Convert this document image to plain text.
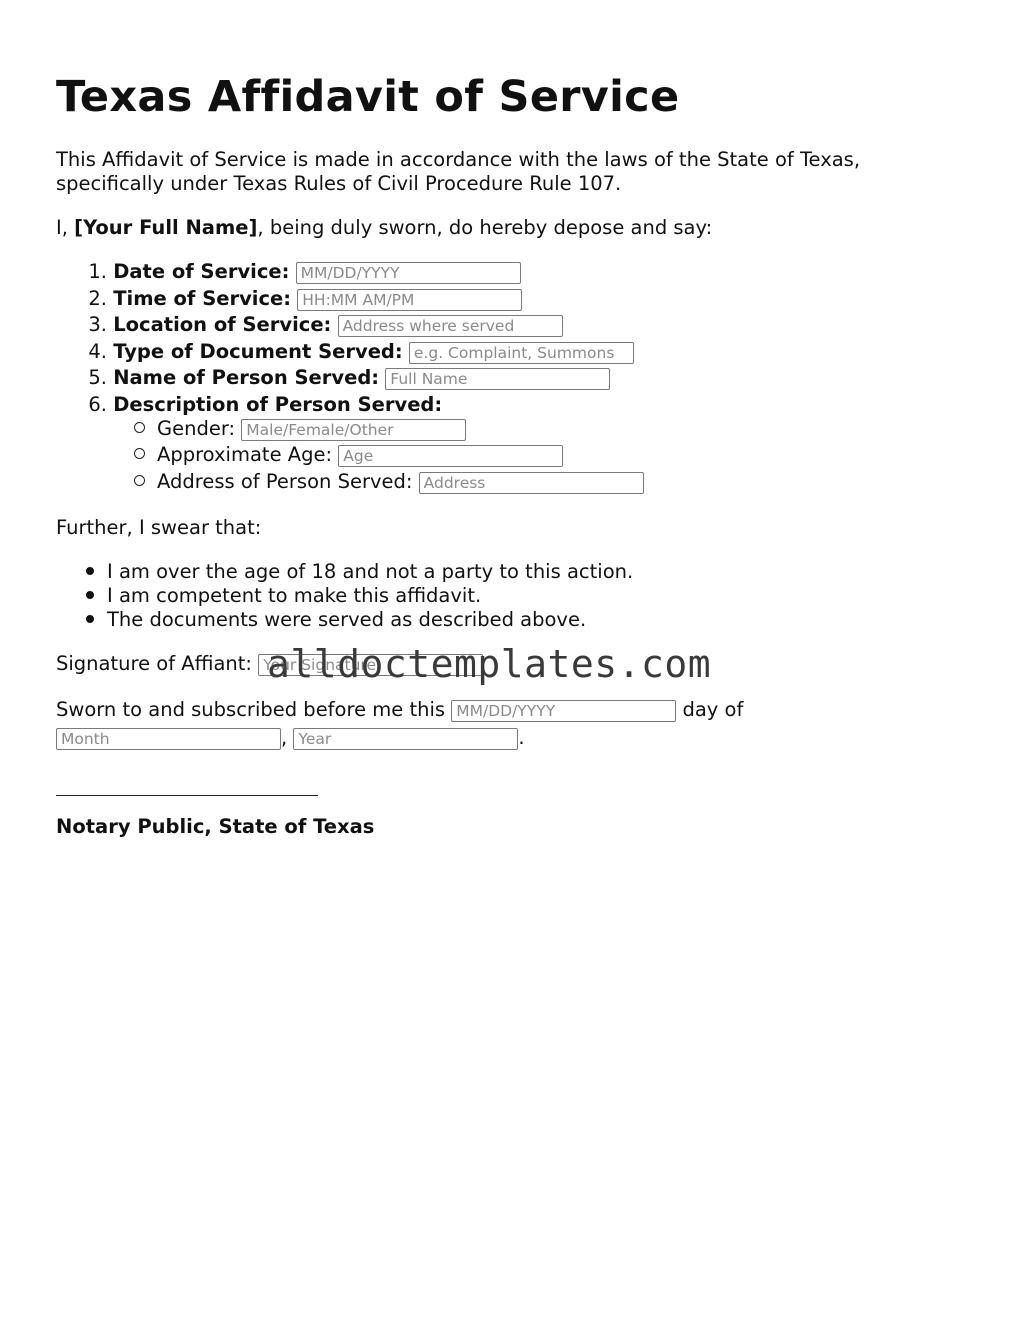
Texas Affidavit of Service

This Affidavit of Service is made in accordance with the laws of the State of Texas, specifically under Texas Rules of Civil Procedure Rule 107.

I, [Your Full Name], being duly sworn, do hereby depose and say:

1. Date of Service: MM/DD/YYYY
2. Time of Service: HH:MM AM/PM
3. Location of Service: Address where served
4. Type of Document Served: e.g. Complaint, Summons
5. Name of Person Served: Full Name
6. Description of Person Served:
Gender: Male/Female/Other
Approximate Age: Age
Address of Person Served: Address

Further, I swear that:

I am over the age of 18 and not a party to this action.
I am competent to make this affidavit.
The documents were served as described above.
Signature of Affiant: Your Signature
Sworn to and subscribed before me this MM/DD/YYYY	day of
Month, Year	.
Notary Public, State of Texas
alldoctemplates.com
